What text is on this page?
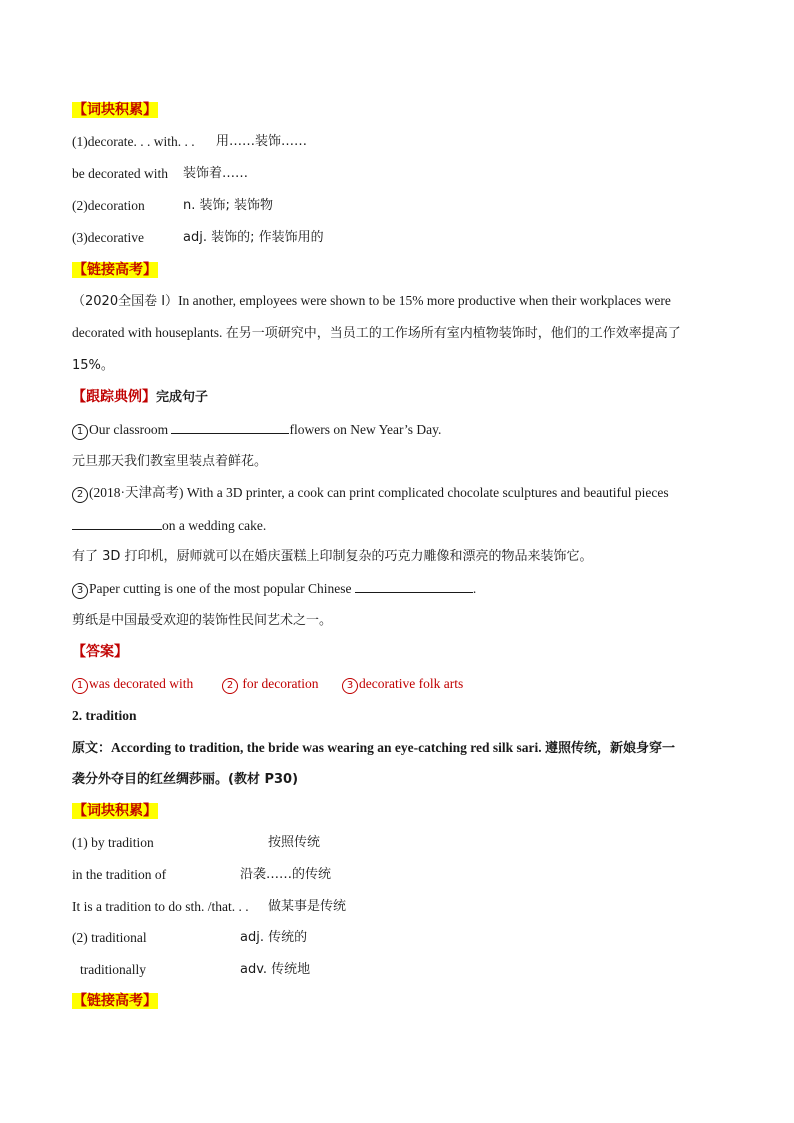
【词块积累】
(1)decorate. . . with. . . 用……装饰……
be decorated with 装饰着……
(2)decoration	n. 装饰; 装饰物
(3)decorative	adj. 装饰的; 作装饰用的
【链接高考】
（2020全国卷 I）In another, employees were shown to be 15% more productive when their workplaces were
decorated with houseplants. 在另一项研究中，当员工的工作场所有室内植物装饰时，他们的工作效率提高了
15%。
【跟踪典例】完成句子
1 Our classroom	flowers on New Year’s Day.
元旦那天我们教室里装点着鲜花。
2 (2018·天津高考) With a 3D printer, a cook can print complicated chocolate sculptures and beautiful pieces
on a wedding cake.
有了 3D 打印机，厨师就可以在婚庆蛋糕上印制复杂的巧克力雕像和漂亮的物品来装饰它。
3 Paper cutting is one of the most popular Chinese	.
剪纸是中国最受欢迎的装饰性民间艺术之一。
【答案】
1 was decorated with	2 for decoration	3 decorative folk arts
2. tradition
原文：According to tradition, the bride was wearing an eye-catching red silk sari. 遵照传统，新娘身穿一
袭分外夺目的红丝绸莎丽。(教材 P30)
【词块积累】
(1) by tradition	按照传统
in the tradition of	沿袭……的传统
It is a tradition to do sth. /that. . . 做某事是传统
(2) traditional	adj. 传统的
traditionally	adv. 传统地
【链接高考】
